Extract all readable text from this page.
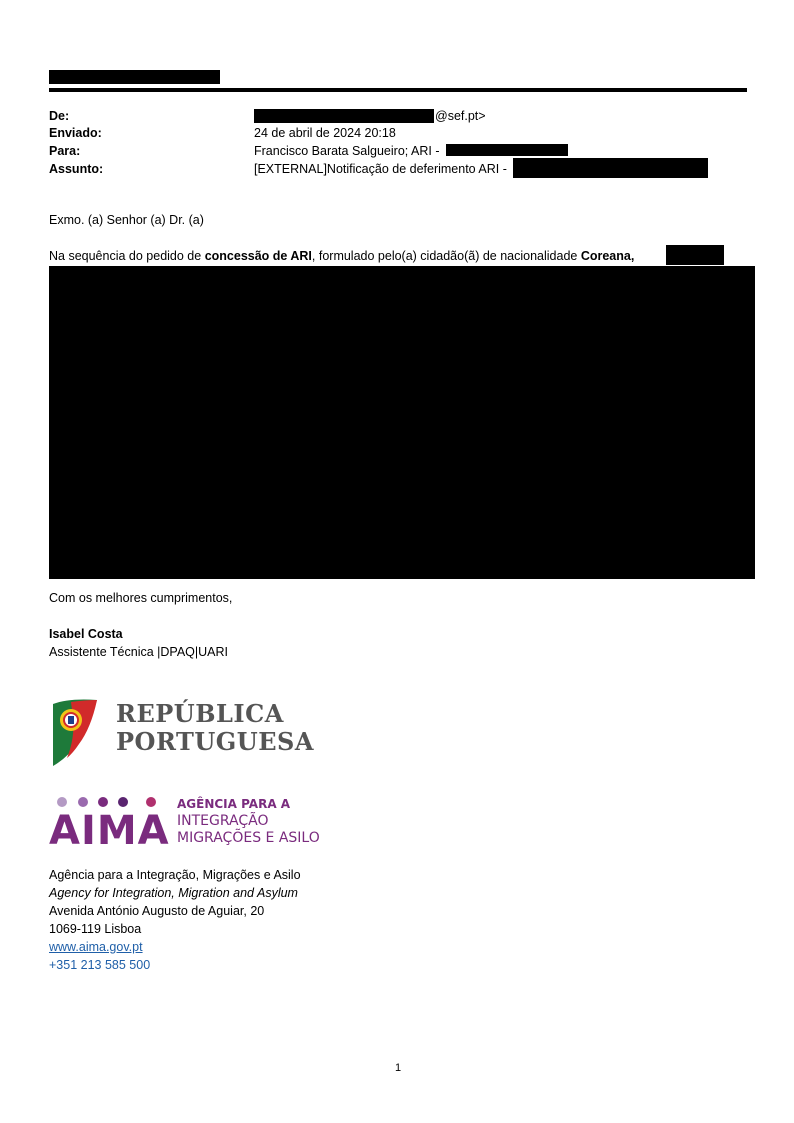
De:	@sef.pt>
Enviado:	24 de abril de 2024 20:18
Para:	Francisco Barata Salgueiro; ARI -
Assunto:	[EXTERNAL]Notificação de deferimento ARI -
Exmo. (a) Senhor (a) Dr. (a)
Na sequência do pedido de concessão de ARI, formulado pelo(a) cidadão(ã) de nacionalidade Coreana,
Com os melhores cumprimentos,
Isabel Costa
Assistente Técnica |DPAQ|UARI
REPÚBLICA
PORTUGUESA
AIMA
AGÊNCIA PARA A
INTEGRAÇÃO
MIGRAÇÕES E ASILO
Agência para a Integração, Migrações e Asilo
Agency for Integration, Migration and Asylum
Avenida António Augusto de Aguiar, 20
1069-119 Lisboa
www.aima.gov.pt
+351 213 585 500
1
